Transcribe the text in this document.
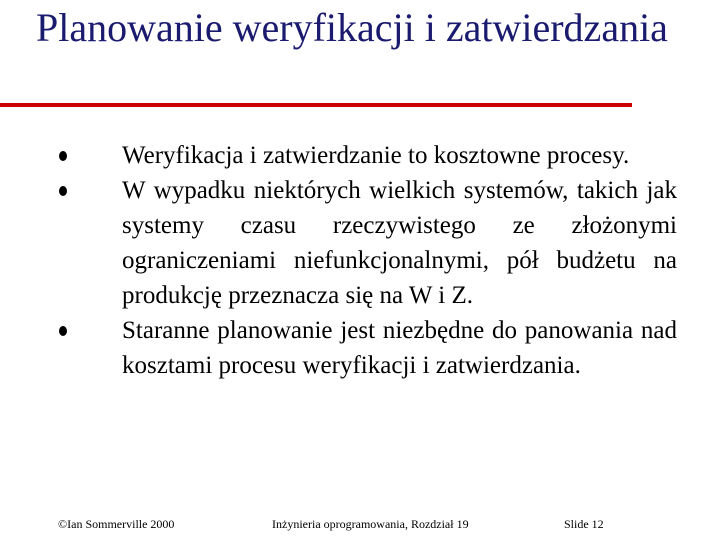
Planowanie weryfikacji i zatwierdzania
Weryfikacja i zatwierdzanie to kosztowne procesy.
W wypadku niektórych wielkich systemów, takich jak systemy czasu rzeczywistego ze złożonymi ograniczeniami niefunkcjonalnymi, pół budżetu na produkcję przeznacza się na W i Z.
Staranne planowanie jest niezbędne do panowania nad kosztami procesu weryfikacji i zatwierdzania.
©Ian Sommerville 2000	Inżynieria oprogramowania, Rozdział 19	Slide 12
